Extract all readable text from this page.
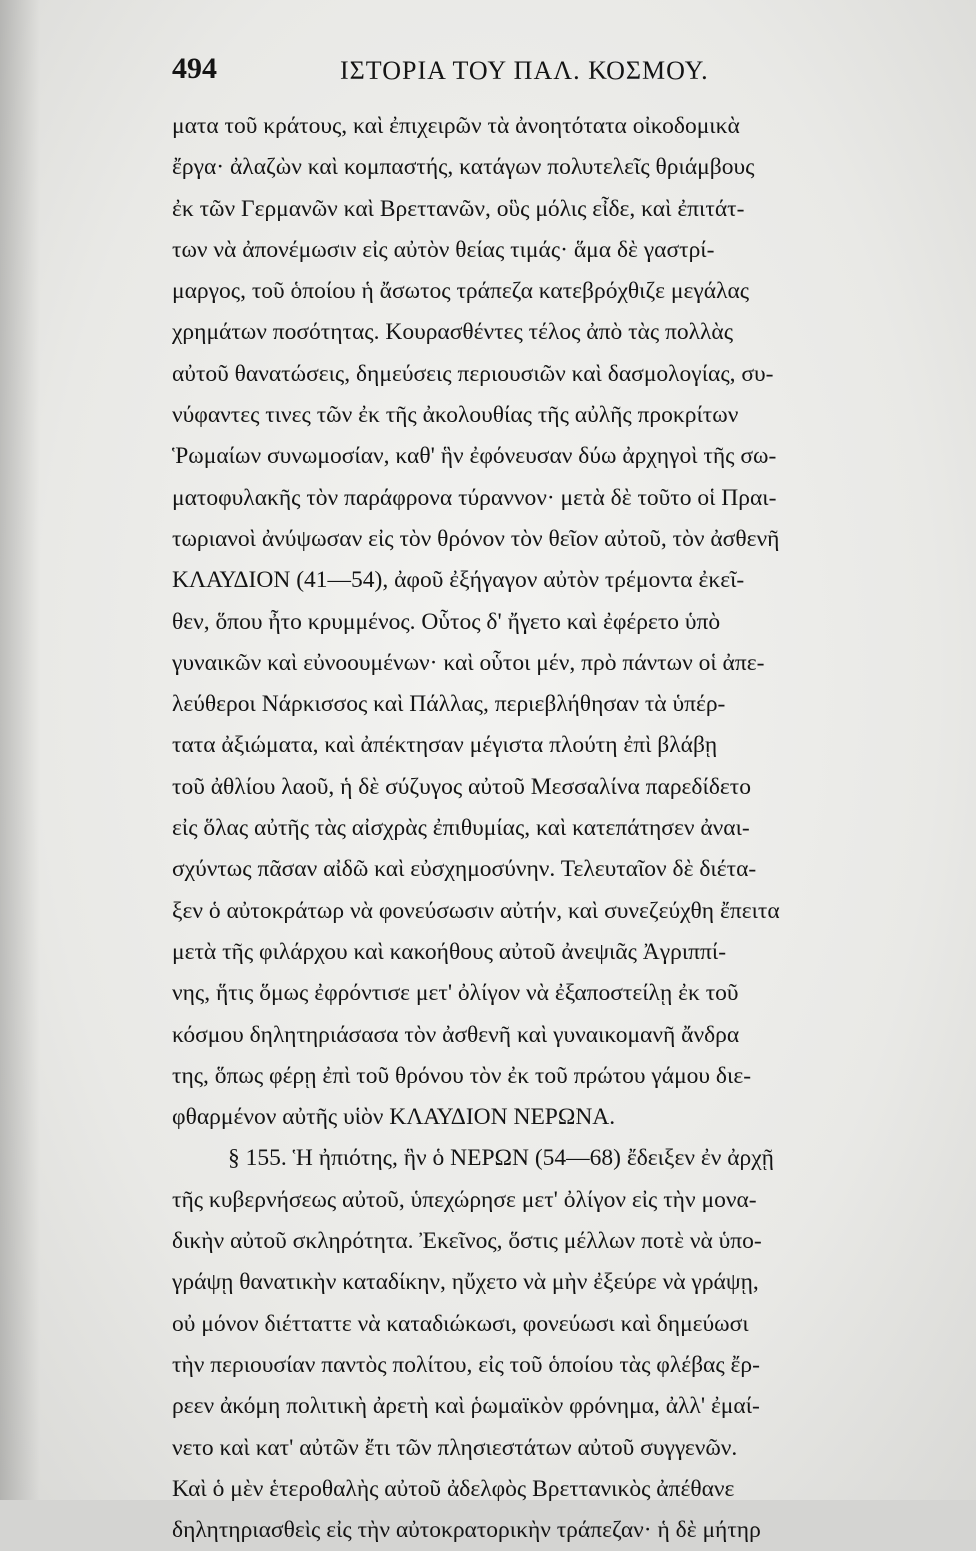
494	ΙΣΤΟΡΙΑ ΤΟΥ ΠΑΛ. ΚΟΣΜΟΥ.
ματα τοῦ κράτους, καὶ ἐπιχειρῶν τὰ ἀνοητότατα οἰκοδομικὰ
ἔργα· ἀλαζὼν καὶ κομπαστής, κατάγων πολυτελεῖς θριάμβους
ἐκ τῶν Γερμανῶν καὶ Βρεττανῶν, οὓς μόλις εἶδε, καὶ ἐπιτάτ-
των νὰ ἀπονέμωσιν εἰς αὐτὸν θείας τιμάς· ἅμα δὲ γαστρί-
μαργος, τοῦ ὁποίου ἡ ἄσωτος τράπεζα κατεβρόχθιζε μεγάλας
χρημάτων ποσότητας. Κουρασθέντες τέλος ἀπὸ τὰς πολλὰς
αὐτοῦ θανατώσεις, δημεύσεις περιουσιῶν καὶ δασμολογίας, συ-
νύφαντες τινες τῶν ἐκ τῆς ἀκολουθίας τῆς αὐλῆς προκρίτων
Ῥωμαίων συνωμοσίαν, καθ' ἣν ἐφόνευσαν δύω ἀρχηγοὶ τῆς σω-
ματοφυλακῆς τὸν παράφρονα τύραννον· μετὰ δὲ τοῦτο οἱ Πραι-
τωριανοὶ ἀνύψωσαν εἰς τὸν θρόνον τὸν θεῖον αὐτοῦ, τὸν ἀσθενῆ
ΚΛΑΥΔΙΟΝ (41—54), ἀφοῦ ἐξήγαγον αὐτὸν τρέμοντα ἐκεῖ-
θεν, ὅπου ἦτο κρυμμένος. Οὗτος δ' ἤγετο καὶ ἐφέρετο ὑπὸ
γυναικῶν καὶ εὐνοουμένων· καὶ οὗτοι μέν, πρὸ πάντων οἱ ἀπε-
λεύθεροι Νάρκισσος καὶ Πάλλας, περιεβλήθησαν τὰ ὑπέρ-
τατα ἀξιώματα, καὶ ἀπέκτησαν μέγιστα πλούτη ἐπὶ βλάβῃ
τοῦ ἀθλίου λαοῦ, ἡ δὲ σύζυγος αὐτοῦ Μεσσαλίνα παρεδίδετο
εἰς ὅλας αὐτῆς τὰς αἰσχρὰς ἐπιθυμίας, καὶ κατεπάτησεν ἀναι-
σχύντως πᾶσαν αἰδῶ καὶ εὐσχημοσύνην. Τελευταῖον δὲ διέτα-
ξεν ὁ αὐτοκράτωρ νὰ φονεύσωσιν αὐτήν, καὶ συνεζεύχθη ἔπειτα
μετὰ τῆς φιλάρχου καὶ κακοήθους αὐτοῦ ἀνεψιᾶς Ἀγριππί-
νης, ἥτις ὅμως ἐφρόντισε μετ' ὀλίγον νὰ ἐξαποστείλῃ ἐκ τοῦ
κόσμου δηλητηριάσασα τὸν ἀσθενῆ καὶ γυναικομανῆ ἄνδρα
της, ὅπως φέρῃ ἐπὶ τοῦ θρόνου τὸν ἐκ τοῦ πρώτου γάμου διε-
φθαρμένον αὐτῆς υἱὸν ΚΛΑΥΔΙΟΝ ΝΕΡΩΝΑ.
§ 155. Ἡ ἠπιότης, ἣν ὁ ΝΕΡΩΝ (54—68) ἔδειξεν ἐν ἀρχῇ
τῆς κυβερνήσεως αὐτοῦ, ὑπεχώρησε μετ' ὀλίγον εἰς τὴν μονα-
δικὴν αὐτοῦ σκληρότητα. Ἐκεῖνος, ὅστις μέλλων ποτὲ νὰ ὑπο-
γράψῃ θανατικὴν καταδίκην, ηὔχετο νὰ μὴν ἐξεύρε νὰ γράψῃ,
οὐ μόνον διέτταττε νὰ καταδιώκωσι, φονεύωσι καὶ δημεύωσι
τὴν περιουσίαν παντὸς πολίτου, εἰς τοῦ ὁποίου τὰς φλέβας ἔρ-
ρεεν ἀκόμη πολιτικὴ ἀρετὴ καὶ ῥωμαϊκὸν φρόνημα, ἀλλ' ἐμαί-
νετο καὶ κατ' αὐτῶν ἔτι τῶν πλησιεστάτων αὐτοῦ συγγενῶν.
Καὶ ὁ μὲν ἑτεροθαλὴς αὐτοῦ ἀδελφὸς Βρεττανικὸς ἀπέθανε
δηλητηριασθεὶς εἰς τὴν αὐτοκρατορικὴν τράπεζαν· ἡ δὲ μήτηρ
